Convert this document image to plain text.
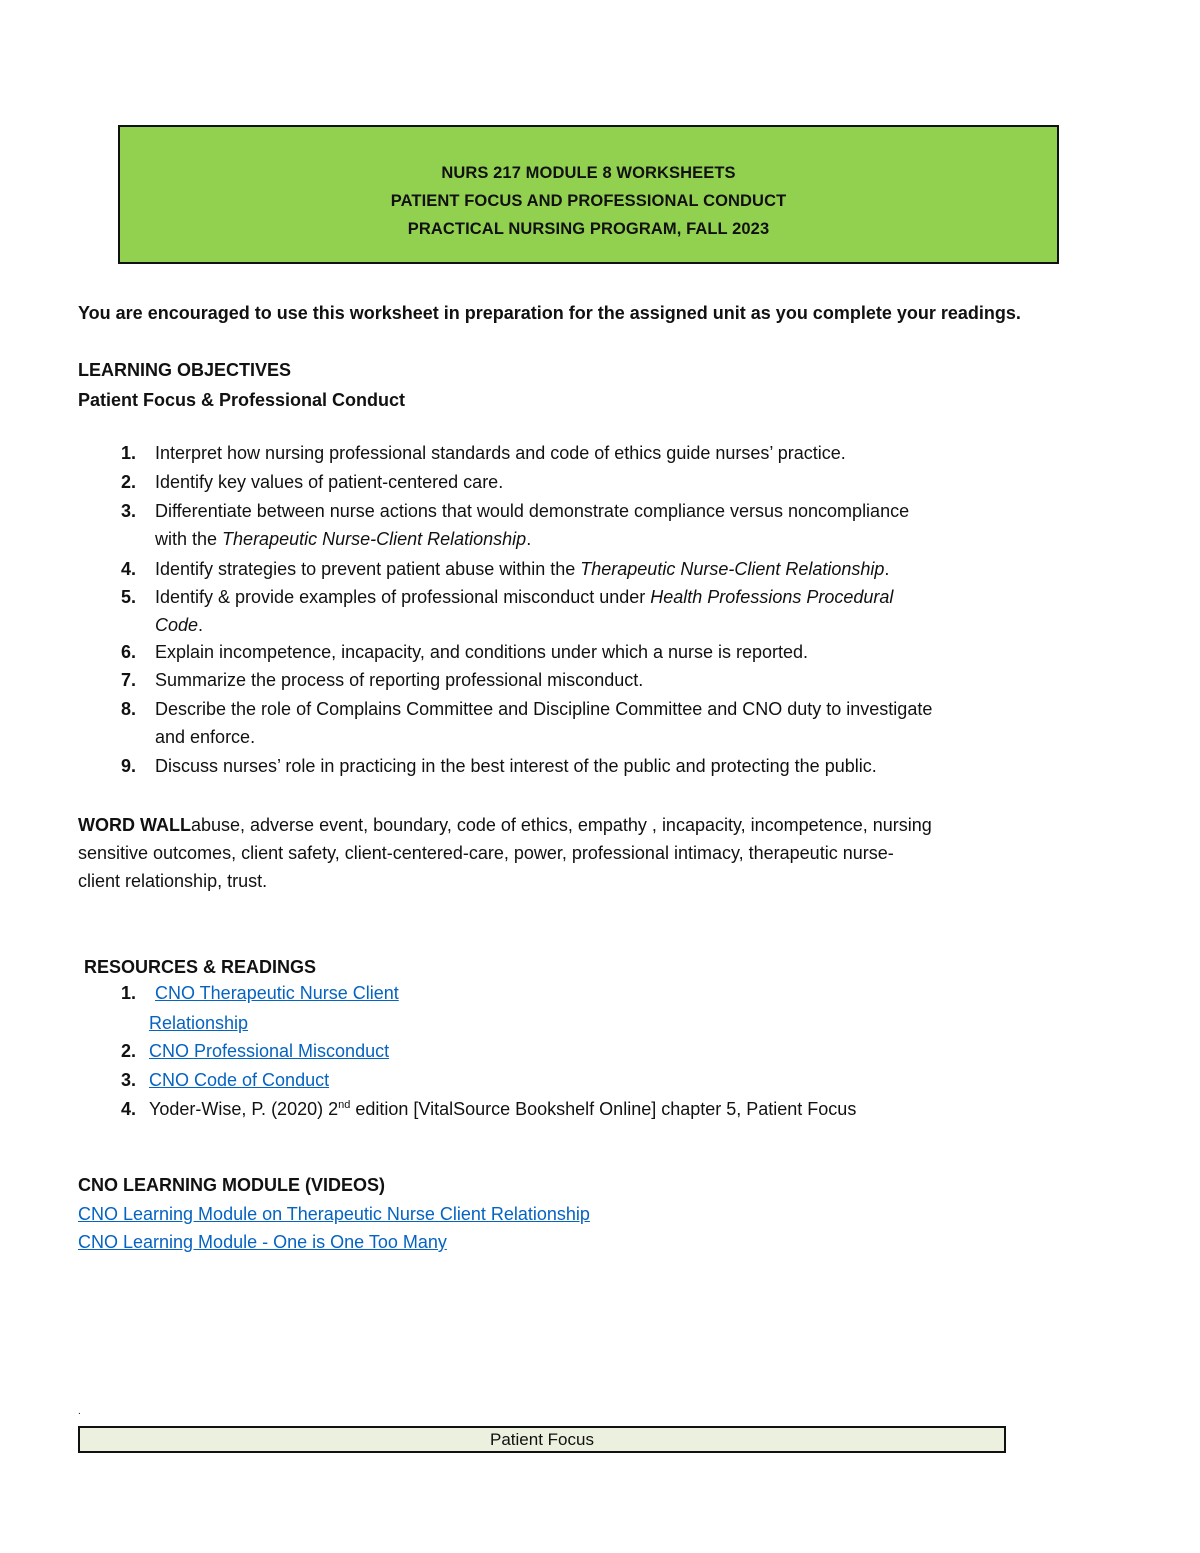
NURS 217 MODULE 8 WORKSHEETS
PATIENT FOCUS AND PROFESSIONAL CONDUCT
PRACTICAL NURSING PROGRAM, FALL 2023
You are encouraged to use this worksheet in preparation for the assigned unit as you complete your readings.
LEARNING OBJECTIVES
Patient Focus & Professional Conduct
1. Interpret how nursing professional standards and code of ethics guide nurses’ practice.
2. Identify key values of patient-centered care.
3. Differentiate between nurse actions that would demonstrate compliance versus noncompliance
with the Therapeutic Nurse-Client Relationship.
4. Identify strategies to prevent patient abuse within the Therapeutic Nurse-Client Relationship.
5. Identify & provide examples of professional misconduct under Health Professions Procedural
Code.
6. Explain incompetence, incapacity, and conditions under which a nurse is reported.
7. Summarize the process of reporting professional misconduct.
8. Describe the role of Complains Committee and Discipline Committee and CNO duty to investigate
and enforce.
9. Discuss nurses’ role in practicing in the best interest of the public and protecting the public.
WORD WALLabuse, adverse event, boundary, code of ethics, empathy , incapacity, incompetence, nursing
sensitive outcomes, client safety, client-centered-care, power, professional intimacy, therapeutic nurse-
client relationship, trust.
RESOURCES & READINGS
1. CNO Therapeutic Nurse Client
Relationship
2. CNO Professional Misconduct
3. CNO Code of Conduct
4. Yoder-Wise, P. (2020) 2nd edition [VitalSource Bookshelf Online] chapter 5, Patient Focus
CNO LEARNING MODULE (VIDEOS)
CNO Learning Module on Therapeutic Nurse Client Relationship
CNO Learning Module - One is One Too Many
.
Patient Focus
